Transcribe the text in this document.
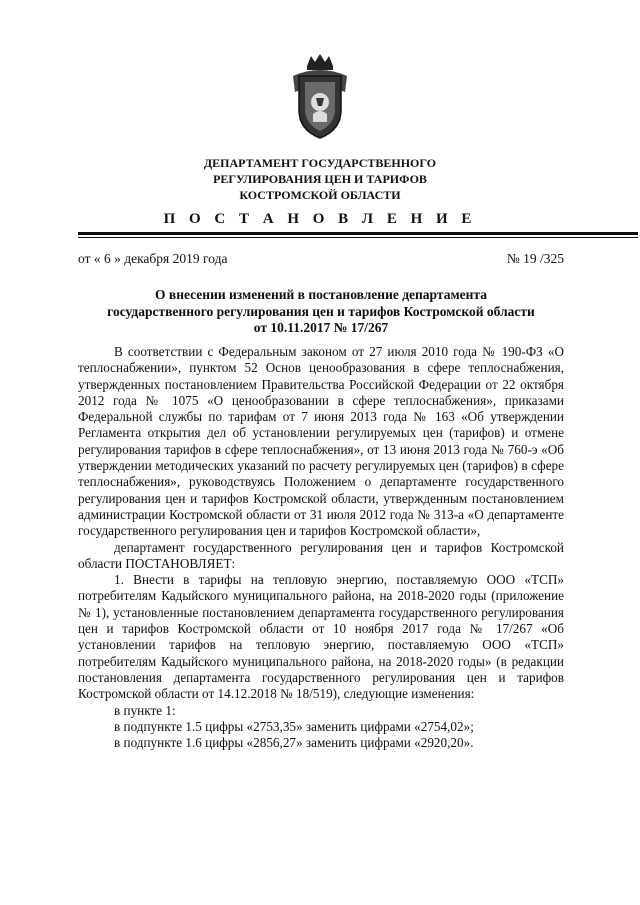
ДЕПАРТАМЕНТ ГОСУДАРСТВЕННОГО
РЕГУЛИРОВАНИЯ ЦЕН И ТАРИФОВ
КОСТРОМСКОЙ ОБЛАСТИ
П О С Т А Н О В Л Е Н И Е
от « 6 » декабря 2019 года	№ 19 /325
О внесении изменений в постановление департамента
государственного регулирования цен и тарифов Костромской области
от 10.11.2017 № 17/267

В соответствии с Федеральным законом от 27 июля 2010 года № 190-ФЗ «О теплоснабжении», пунктом 52 Основ ценообразования в сфере теплоснабжения, утвержденных постановлением Правительства Российской Федерации от 22 октября 2012 года № 1075 «О ценообразовании в сфере теплоснабжения», приказами Федеральной службы по тарифам от 7 июня 2013 года № 163 «Об утверждении Регламента открытия дел об установлении регулируемых цен (тарифов) и отмене регулирования тарифов в сфере теплоснабжения», от 13 июня 2013 года № 760-э «Об утверждении методических указаний по расчету регулируемых цен (тарифов) в сфере теплоснабжения», руководствуясь Положением о департаменте государственного регулирования цен и тарифов Костромской области, утвержденным постановлением администрации Костромской области от 31 июля 2012 года № 313-а «О департаменте государственного регулирования цен и тарифов Костромской области»,

департамент государственного регулирования цен и тарифов Костромской области ПОСТАНОВЛЯЕТ:

1. Внести в тарифы на тепловую энергию, поставляемую ООО «ТСП» потребителям Кадыйского муниципального района, на 2018-2020 годы (приложение № 1), установленные постановлением департамента государственного регулирования цен и тарифов Костромской области от 10 ноября 2017 года № 17/267 «Об установлении тарифов на тепловую энергию, поставляемую ООО «ТСП» потребителям Кадыйского муниципального района, на 2018-2020 годы» (в редакции постановления департамента государственного регулирования цен и тарифов Костромской области от 14.12.2018 № 18/519), следующие изменения:

в пункте 1:

в подпункте 1.5 цифры «2753,35» заменить цифрами «2754,02»;

в подпункте 1.6 цифры «2856,27» заменить цифрами «2920,20».
